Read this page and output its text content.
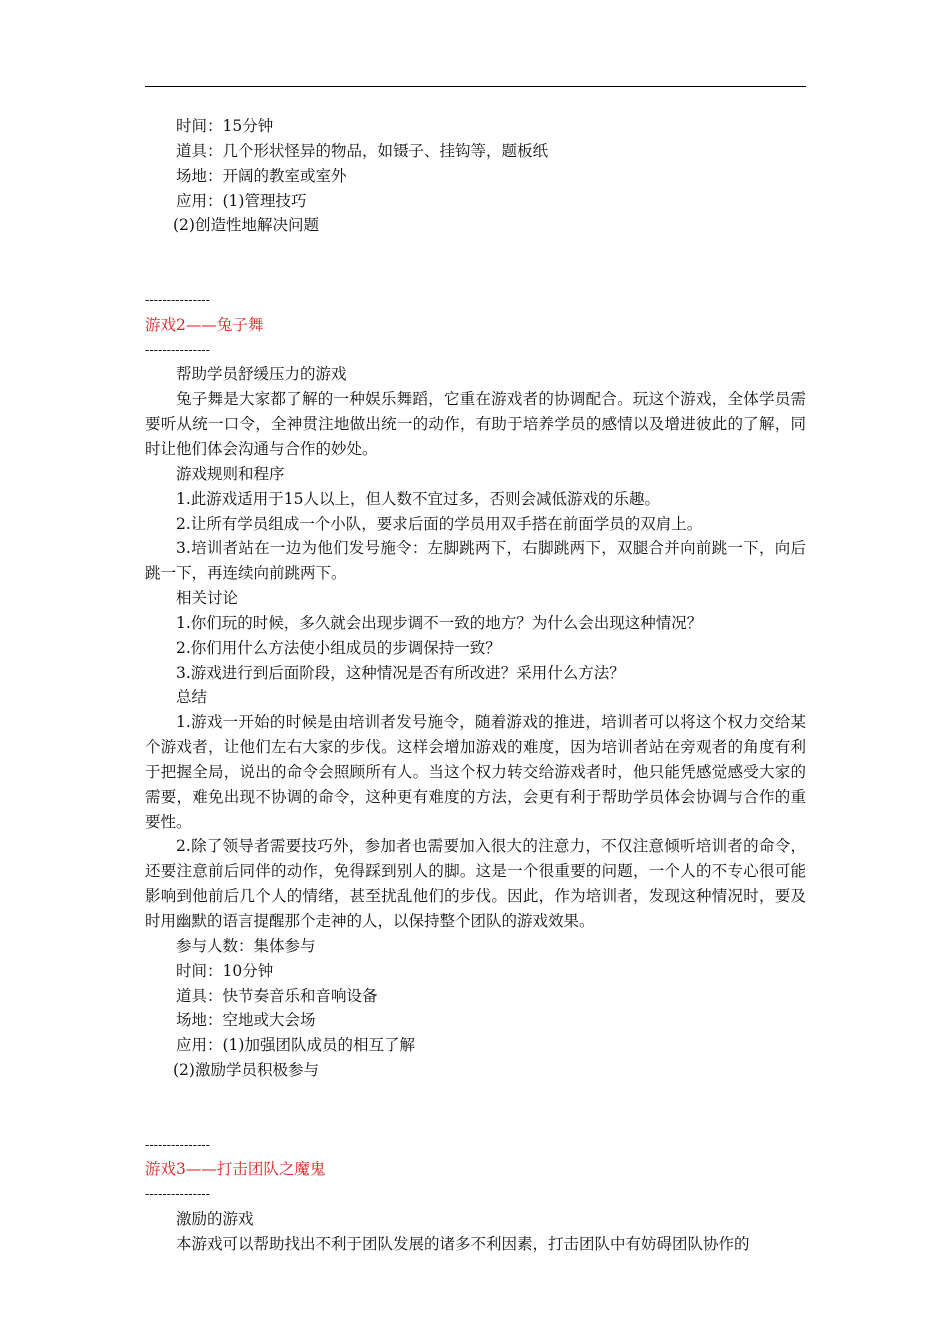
时间：15分钟

道具：几个形状怪异的物品，如镊子、挂钩等，题板纸

场地：开阔的教室或室外

应用：(1)管理技巧

(2)创造性地解决问题

---------------

游戏2——兔子舞

---------------

帮助学员舒缓压力的游戏

兔子舞是大家都了解的一种娱乐舞蹈，它重在游戏者的协调配合。玩这个游戏，全体学员需要听从统一口令，全神贯注地做出统一的动作，有助于培养学员的感情以及增进彼此的了解，同时让他们体会沟通与合作的妙处。

游戏规则和程序

1.此游戏适用于15人以上，但人数不宜过多，否则会减低游戏的乐趣。

2.让所有学员组成一个小队，要求后面的学员用双手搭在前面学员的双肩上。

3.培训者站在一边为他们发号施令：左脚跳两下，右脚跳两下，双腿合并向前跳一下，向后跳一下，再连续向前跳两下。

相关讨论

1.你们玩的时候，多久就会出现步调不一致的地方？为什么会出现这种情况？

2.你们用什么方法使小组成员的步调保持一致？

3.游戏进行到后面阶段，这种情况是否有所改进？采用什么方法？

总结

1.游戏一开始的时候是由培训者发号施令，随着游戏的推进，培训者可以将这个权力交给某个游戏者，让他们左右大家的步伐。这样会增加游戏的难度，因为培训者站在旁观者的角度有利于把握全局，说出的命令会照顾所有人。当这个权力转交给游戏者时，他只能凭感觉感受大家的需要，难免出现不协调的命令，这种更有难度的方法，会更有利于帮助学员体会协调与合作的重要性。

2.除了领导者需要技巧外，参加者也需要加入很大的注意力，不仅注意倾听培训者的命令，还要注意前后同伴的动作，免得踩到别人的脚。这是一个很重要的问题，一个人的不专心很可能影响到他前后几个人的情绪，甚至扰乱他们的步伐。因此，作为培训者，发现这种情况时，要及时用幽默的语言提醒那个走神的人，以保持整个团队的游戏效果。

参与人数：集体参与

时间：10分钟

道具：快节奏音乐和音响设备

场地：空地或大会场

应用：(1)加强团队成员的相互了解

(2)激励学员积极参与

---------------

游戏3——打击团队之魔鬼

---------------

激励的游戏

本游戏可以帮助找出不利于团队发展的诸多不利因素，打击团队中有妨碍团队协作的
